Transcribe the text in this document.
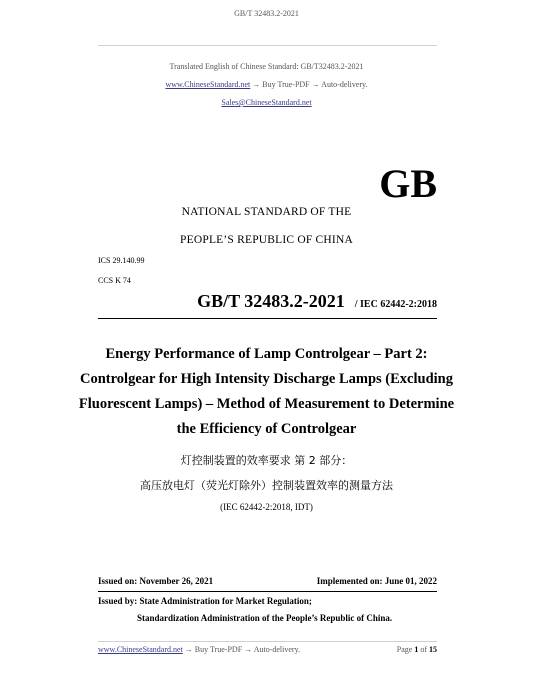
GB/T 32483.2-2021
Translated English of Chinese Standard: GB/T32483.2-2021
www.ChineseStandard.net → Buy True-PDF → Auto-delivery.
Sales@ChineseStandard.net
GB
NATIONAL STANDARD OF THE
PEOPLE’S REPUBLIC OF CHINA
ICS 29.140.99
CCS K 74
GB/T 32483.2-2021 / IEC 62442-2:2018
Energy Performance of Lamp Controlgear – Part 2:
Controlgear for High Intensity Discharge Lamps (Excluding
Fluorescent Lamps) – Method of Measurement to Determine
the Efficiency of Controlgear
灯控制装置的效率要求 第 2 部分：
高压放电灯（荧光灯除外）控制装置效率的测量方法
(IEC 62442-2:2018, IDT)
Issued on: November 26, 2021	Implemented on: June 01, 2022
Issued by: State Administration for Market Regulation;
Standardization Administration of the People’s Republic of China.
www.ChineseStandard.net → Buy True-PDF → Auto-delivery.	Page 1 of 15
